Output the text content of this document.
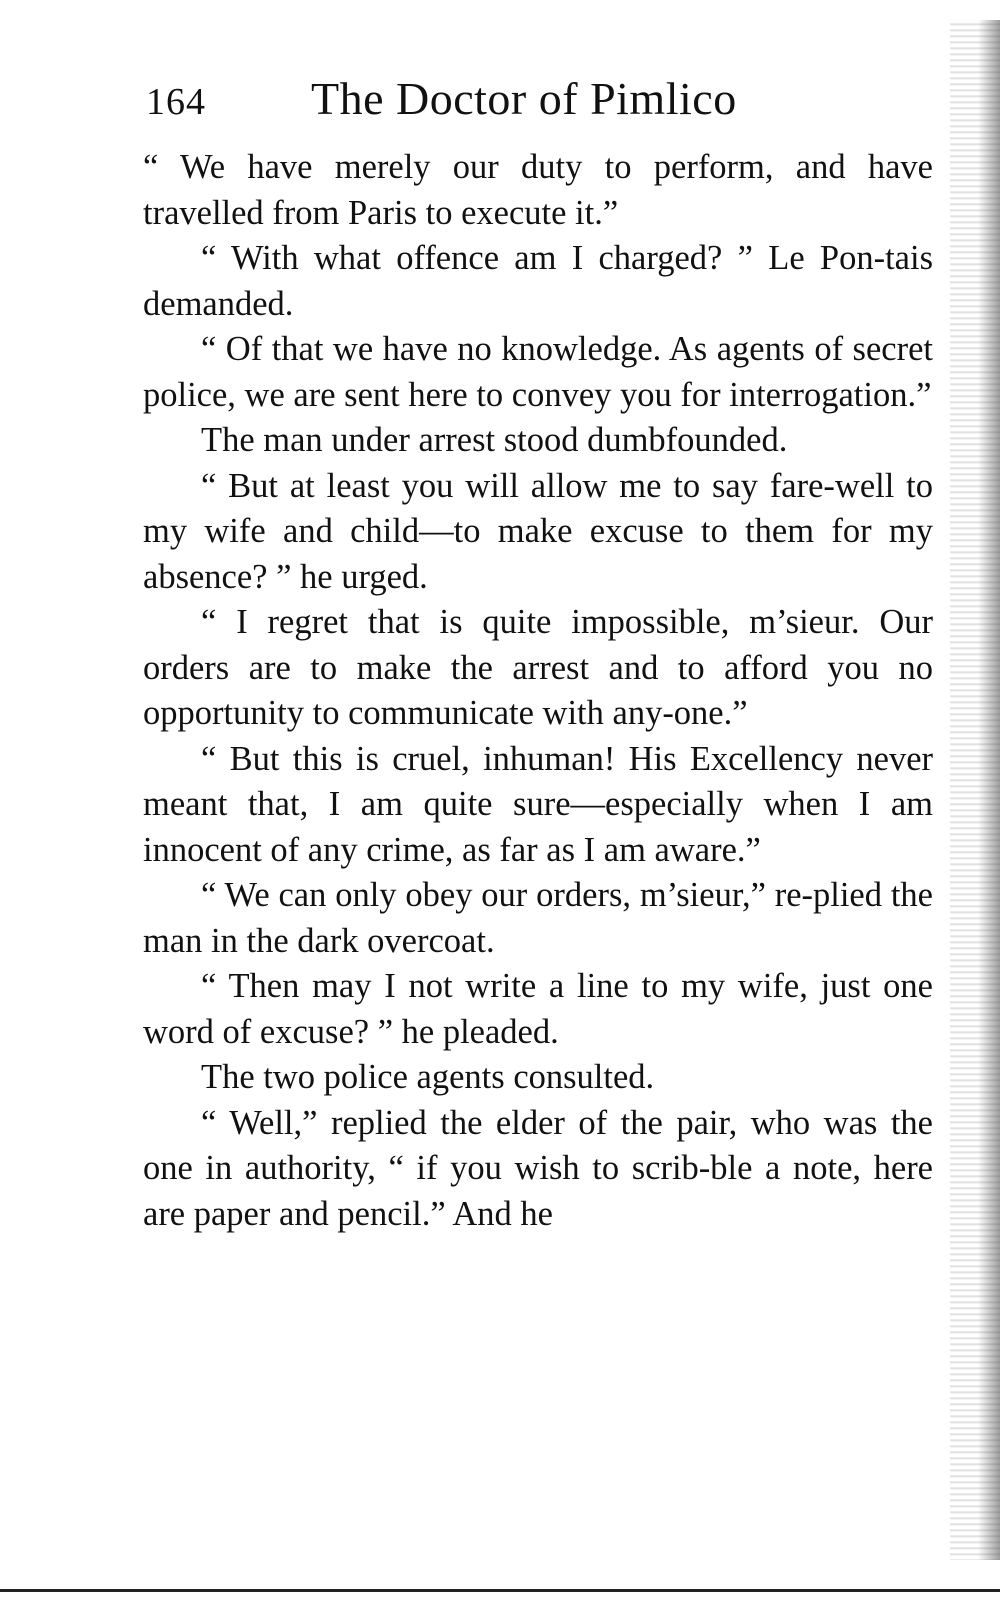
164 The Doctor of Pimlico

“ We have merely our duty to perform, and have travelled from Paris to execute it.”

“ With what offence am I charged? ” Le Pon-tais demanded.

“ Of that we have no knowledge. As agents of secret police, we are sent here to convey you for interrogation.”

The man under arrest stood dumbfounded.

“ But at least you will allow me to say fare-well to my wife and child—to make excuse to them for my absence? ” he urged.

“ I regret that is quite impossible, m’sieur. Our orders are to make the arrest and to afford you no opportunity to communicate with any-one.”

“ But this is cruel, inhuman! His Excellency never meant that, I am quite sure—especially when I am innocent of any crime, as far as I am aware.”

“ We can only obey our orders, m’sieur,” re-plied the man in the dark overcoat.

“ Then may I not write a line to my wife, just one word of excuse? ” he pleaded.

The two police agents consulted.

“ Well,” replied the elder of the pair, who was the one in authority, “ if you wish to scrib-ble a note, here are paper and pencil.” And he
